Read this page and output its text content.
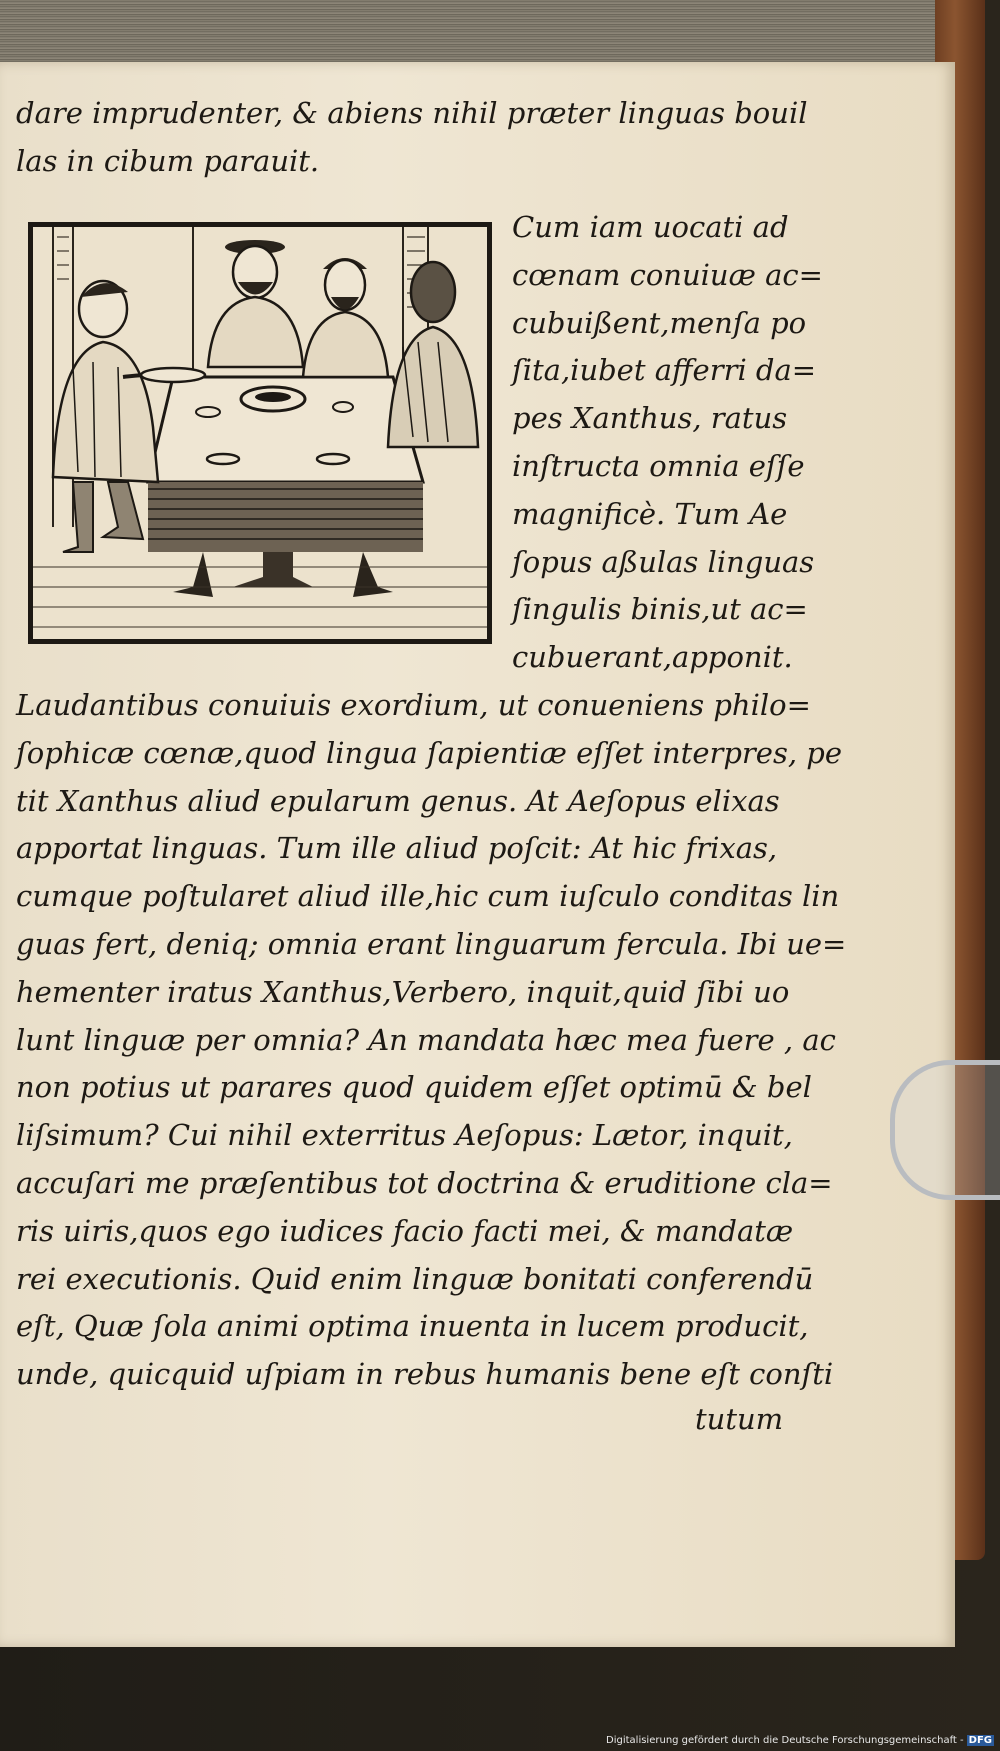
dare imprudenter, & abiens nihil præter linguas bouil
las in cibum parauit.
Cum iam uocati ad
cœnam conuiuæ ac=
cubuißent,menſa po
ſita,iubet afferri da=
pes Xanthus, ratus
inſtructa omnia eſſe
magnificè. Tum Ae
ſopus aßulas linguas
ſingulis binis,ut ac=
cubuerant,apponit.
Laudantibus conuiuis exordium, ut conueniens philo=
ſophicæ cœnæ,quod lingua ſapientiæ eſſet interpres, pe
tit Xanthus aliud epularum genus. At Aeſopus elixas
apportat linguas. Tum ille aliud poſcit: At hic frixas,
cumque poſtularet aliud ille,hic cum iuſculo conditas lin
guas fert, deniq; omnia erant linguarum fercula. Ibi ue=
hementer iratus Xanthus,Verbero, inquit,quid ſibi uo
lunt linguæ per omnia? An mandata hæc mea fuere , ac
non potius ut parares quod quidem eſſet optimū & bel
liſsimum? Cui nihil exterritus Aeſopus: Lætor, inquit,
accuſari me præſentibus tot doctrina & eruditione cla=
ris uiris,quos ego iudices facio facti mei, & mandatæ
rei executionis. Quid enim linguæ bonitati conferendū
eſt, Quæ ſola animi optima inuenta in lucem producit,
unde, quicquid uſpiam in rebus humanis bene eſt conſti
tutum
Digitalisierung gefördert durch die Deutsche Forschungsgemeinschaft - DFG
